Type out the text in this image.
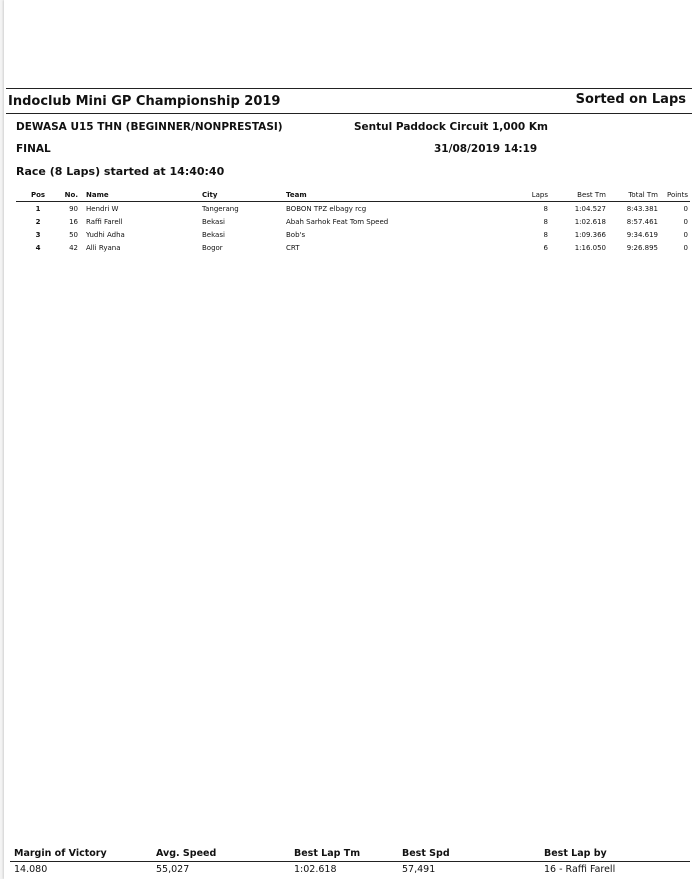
Indoclub Mini GP Championship 2019	Sorted on Laps
DEWASA U15 THN (BEGINNER/NONPRESTASI)	Sentul Paddock Circuit 1,000 Km
FINAL	31/08/2019 14:19
Race (8 Laps) started at 14:40:40
Pos	No. Name	City	Team	Laps	Best Tm	Total Tm	Points
1	90 Hendri W	Tangerang	BOBON TPZ elbagy rcg	8	1:04.527	8:43.381	0
2	16 Raffi Farell	Bekasi	Abah Sarhok Feat Tom Speed	8	1:02.618	8:57.461	0
3	50 Yudhi Adha	Bekasi	Bob's	8	1:09.366	9:34.619	0
4	42 Alli Ryana	Bogor	CRT	6	1:16.050	9:26.895	0
Margin of Victory	Avg. Speed	Best Lap Tm	Best Spd	Best Lap by
14.080	55,027	1:02.618	57,491	16 - Raffi Farell
